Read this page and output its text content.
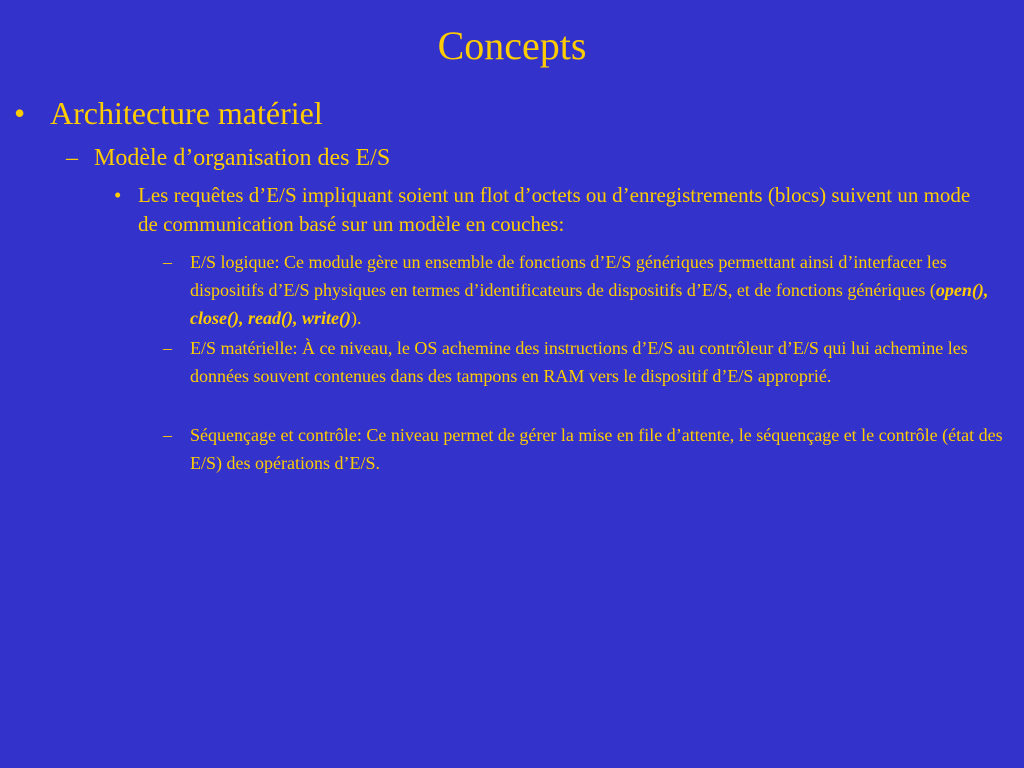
Concepts
• Architecture matériel
– Modèle d’organisation des E/S
• Les requêtes d’E/S impliquant soient un flot d’octets ou d’enregistrements (blocs) suivent un mode de communication basé sur un modèle en couches:
–	E/S logique: Ce module gère un ensemble de fonctions d’E/S génériques permettant ainsi d’interfacer les dispositifs d’E/S physiques en termes d’identificateurs de dispositifs d’E/S, et de fonctions génériques (open(), close(), read(), write()).
–	E/S matérielle: À ce niveau, le OS achemine des instructions d’E/S au contrôleur d’E/S qui lui achemine les données souvent contenues dans des tampons en RAM vers le dispositif d’E/S approprié.
–	Séquençage et contrôle: Ce niveau permet de gérer la mise en file d’attente, le séquençage et le contrôle (état des E/S) des opérations d’E/S.
